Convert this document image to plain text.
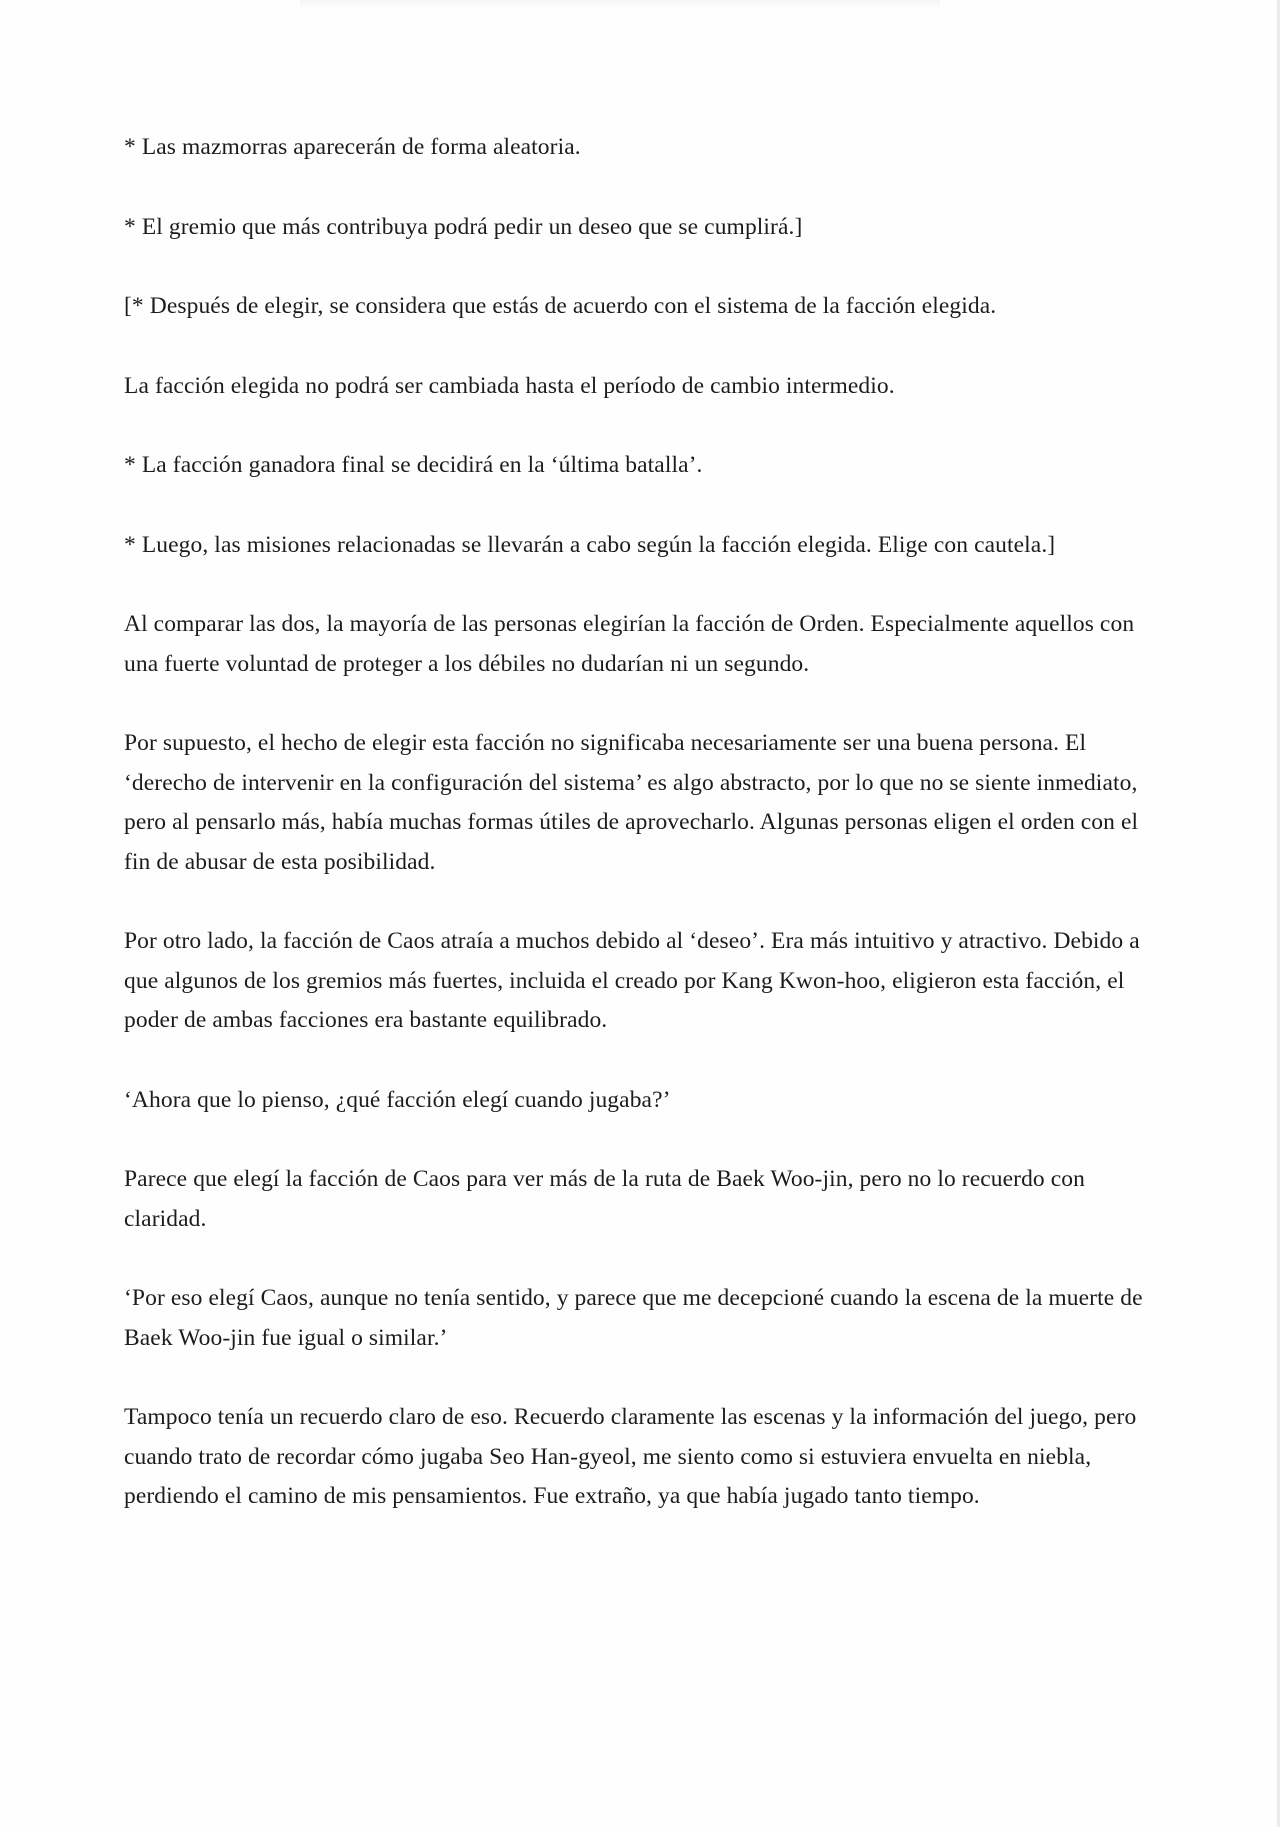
* Las mazmorras aparecerán de forma aleatoria.

* El gremio que más contribuya podrá pedir un deseo que se cumplirá.]

[* Después de elegir, se considera que estás de acuerdo con el sistema de la facción elegida.

La facción elegida no podrá ser cambiada hasta el período de cambio intermedio.

* La facción ganadora final se decidirá en la ‘última batalla’.

* Luego, las misiones relacionadas se llevarán a cabo según la facción elegida. Elige con cautela.]

Al comparar las dos, la mayoría de las personas elegirían la facción de Orden. Especialmente aquellos con una fuerte voluntad de proteger a los débiles no dudarían ni un segundo.

Por supuesto, el hecho de elegir esta facción no significaba necesariamente ser una buena persona. El ‘derecho de intervenir en la configuración del sistema’ es algo abstracto, por lo que no se siente inmediato, pero al pensarlo más, había muchas formas útiles de aprovecharlo. Algunas personas eligen el orden con el fin de abusar de esta posibilidad.

Por otro lado, la facción de Caos atraía a muchos debido al ‘deseo’. Era más intuitivo y atractivo. Debido a que algunos de los gremios más fuertes, incluida el creado por Kang Kwon-hoo, eligieron esta facción, el poder de ambas facciones era bastante equilibrado.

‘Ahora que lo pienso, ¿qué facción elegí cuando jugaba?’

Parece que elegí la facción de Caos para ver más de la ruta de Baek Woo-jin, pero no lo recuerdo con claridad.

‘Por eso elegí Caos, aunque no tenía sentido, y parece que me decepcioné cuando la escena de la muerte de Baek Woo-jin fue igual o similar.’

Tampoco tenía un recuerdo claro de eso. Recuerdo claramente las escenas y la información del juego, pero cuando trato de recordar cómo jugaba Seo Han-gyeol, me siento como si estuviera envuelta en niebla, perdiendo el camino de mis pensamientos. Fue extraño, ya que había jugado tanto tiempo.
